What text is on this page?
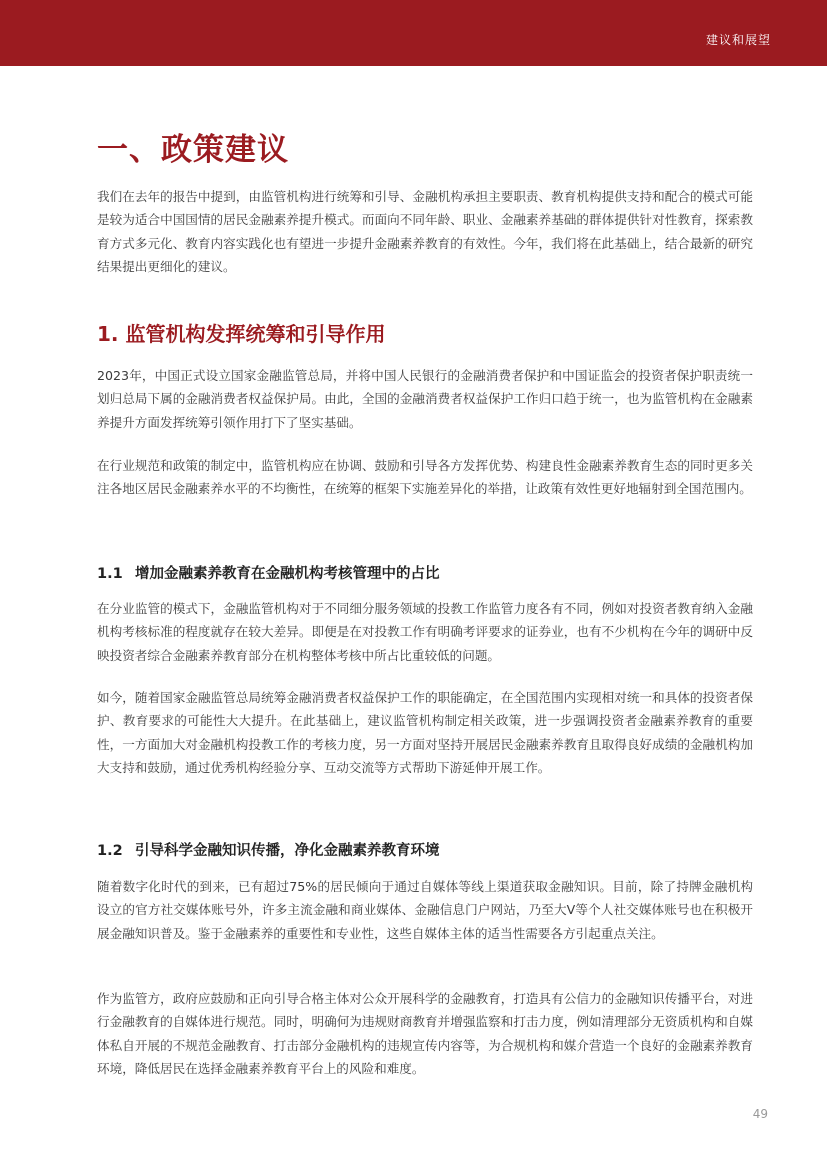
建议和展望
一、政策建议

我们在去年的报告中提到，由监管机构进行统筹和引导、金融机构承担主要职责、教育机构提供支持和配合的模式可能是较为适合中国国情的居民金融素养提升模式。而面向不同年龄、职业、金融素养基础的群体提供针对性教育，探索教育方式多元化、教育内容实践化也有望进一步提升金融素养教育的有效性。今年，我们将在此基础上，结合最新的研究结果提出更细化的建议。

1. 监管机构发挥统筹和引导作用

2023年，中国正式设立国家金融监管总局，并将中国人民银行的金融消费者保护和中国证监会的投资者保护职责统一划归总局下属的金融消费者权益保护局。由此，全国的金融消费者权益保护工作归口趋于统一，也为监管机构在金融素养提升方面发挥统筹引领作用打下了坚实基础。

在行业规范和政策的制定中，监管机构应在协调、鼓励和引导各方发挥优势、构建良性金融素养教育生态的同时更多关注各地区居民金融素养水平的不均衡性，在统筹的框架下实施差异化的举措，让政策有效性更好地辐射到全国范围内。

1.1 增加金融素养教育在金融机构考核管理中的占比

在分业监管的模式下，金融监管机构对于不同细分服务领域的投教工作监管力度各有不同，例如对投资者教育纳入金融机构考核标准的程度就存在较大差异。即便是在对投教工作有明确考评要求的证券业，也有不少机构在今年的调研中反映投资者综合金融素养教育部分在机构整体考核中所占比重较低的问题。

如今，随着国家金融监管总局统筹金融消费者权益保护工作的职能确定，在全国范围内实现相对统一和具体的投资者保护、教育要求的可能性大大提升。在此基础上，建议监管机构制定相关政策，进一步强调投资者金融素养教育的重要性，一方面加大对金融机构投教工作的考核力度，另一方面对坚持开展居民金融素养教育且取得良好成绩的金融机构加大支持和鼓励，通过优秀机构经验分享、互动交流等方式帮助下游延伸开展工作。

1.2 引导科学金融知识传播，净化金融素养教育环境

随着数字化时代的到来，已有超过75%的居民倾向于通过自媒体等线上渠道获取金融知识。目前，除了持牌金融机构设立的官方社交媒体账号外，许多主流金融和商业媒体、金融信息门户网站，乃至大V等个人社交媒体账号也在积极开展金融知识普及。鉴于金融素养的重要性和专业性，这些自媒体主体的适当性需要各方引起重点关注。

作为监管方，政府应鼓励和正向引导合格主体对公众开展科学的金融教育，打造具有公信力的金融知识传播平台，对进行金融教育的自媒体进行规范。同时，明确何为违规财商教育并增强监察和打击力度，例如清理部分无资质机构和自媒体私自开展的不规范金融教育、打击部分金融机构的违规宣传内容等，为合规机构和媒介营造一个良好的金融素养教育环境，降低居民在选择金融素养教育平台上的风险和难度。

49
